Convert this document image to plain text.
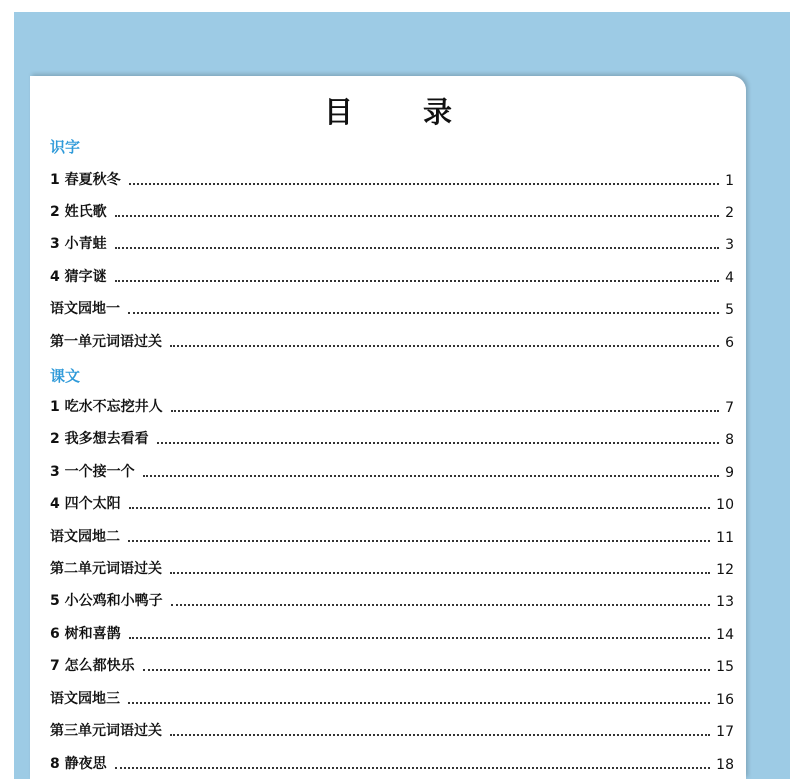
目 录
识字
1 春夏秋冬	1
2 姓氏歌	2
3 小青蛙	3
4 猜字谜	4
语文园地一	5
第一单元词语过关	6
课文
1 吃水不忘挖井人	7
2 我多想去看看	8
3 一个接一个	9
4 四个太阳	10
语文园地二	11
第二单元词语过关	12
5 小公鸡和小鸭子	13
6 树和喜鹊	14
7 怎么都快乐	15
语文园地三	16
第三单元词语过关	17
8 静夜思	18
